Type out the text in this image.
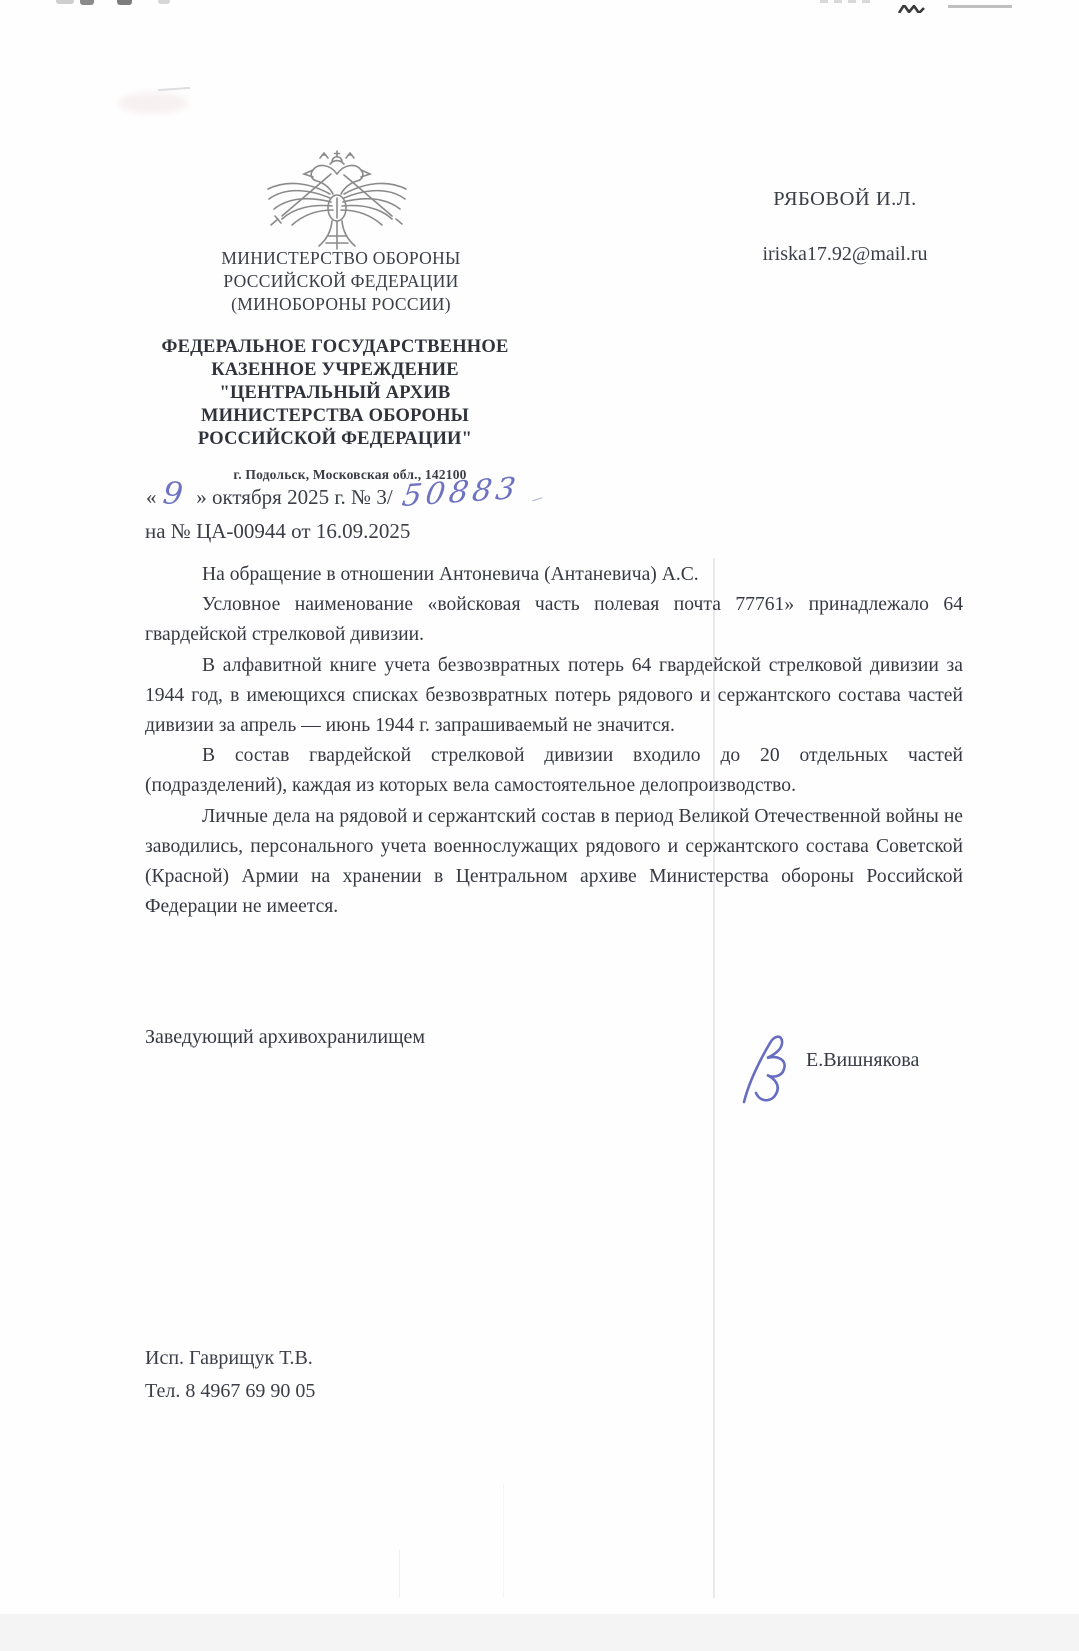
МИНИСТЕРСТВО ОБОРОНЫ
РОССИЙСКОЙ ФЕДЕРАЦИИ
(МИНОБОРОНЫ РОССИИ)
ФЕДЕРАЛЬНОЕ ГОСУДАРСТВЕННОЕ
КАЗЕННОЕ УЧРЕЖДЕНИЕ
"ЦЕНТРАЛЬНЫЙ АРХИВ
МИНИСТЕРСТВА ОБОРОНЫ
РОССИЙСКОЙ ФЕДЕРАЦИИ"
г. Подольск, Московская обл., 142100
« 9 » октября 2025 г. № 3/ 50883 –
на № ЦА-00944 от 16.09.2025
РЯБОВОЙ И.Л.
iriska17.92@mail.ru

На обращение в отношении Антоневича (Антаневича) А.С.

Условное наименование «войсковая часть полевая почта 77761» принадлежало 64 гвардейской стрелковой дивизии.

В алфавитной книге учета безвозвратных потерь 64 гвардейской стрелковой дивизии за 1944 год, в имеющихся списках безвозвратных потерь рядового и сержантского состава частей дивизии за апрель — июнь 1944 г. запрашиваемый не значится.

В состав гвардейской стрелковой дивизии входило до 20 отдельных частей (подразделений), каждая из которых вела самостоятельное делопроизводство.

Личные дела на рядовой и сержантский состав в период Великой Отечественной войны не заводились, персонального учета военнослужащих рядового и сержантского состава Советской (Красной) Армии на хранении в Центральном архиве Министерства обороны Российской Федерации не имеется.

Заведующий архивохранилищем
Е.Вишнякова
Исп. Гаврищук Т.В.
Тел. 8 4967 69 90 05
